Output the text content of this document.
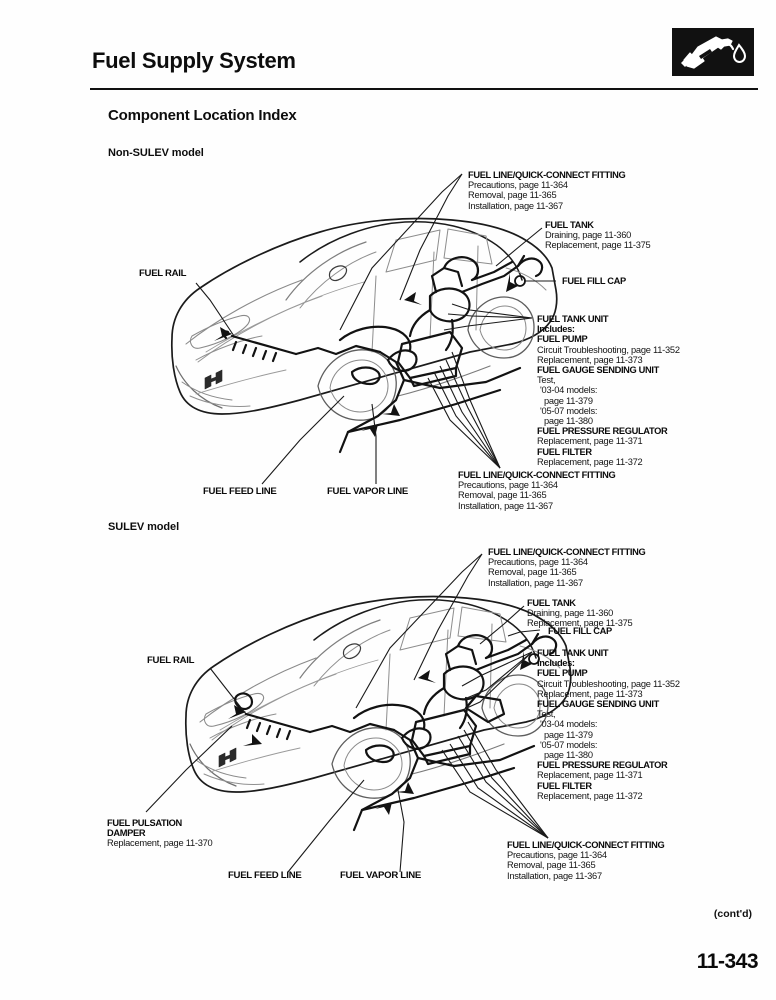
Fuel Supply System
Component Location Index
Non-SULEV model
FUEL LINE/QUICK-CONNECT FITTING
Precautions, page 11-364
Removal, page 11-365
Installation, page 11-367
FUEL TANK
Draining, page 11-360
Replacement, page 11-375
FUEL FILL CAP
FUEL TANK UNIT
Includes:
FUEL PUMP
Circuit Troubleshooting, page 11-352
Replacement, page 11-373
FUEL GAUGE SENDING UNIT
Test,
'03-04 models:
page 11-379
'05-07 models:
page 11-380
FUEL PRESSURE REGULATOR
Replacement, page 11-371
FUEL FILTER
Replacement, page 11-372
FUEL LINE/QUICK-CONNECT FITTING
Precautions, page 11-364
Removal, page 11-365
Installation, page 11-367
FUEL RAIL
FUEL FEED LINE	FUEL VAPOR LINE
SULEV model
FUEL LINE/QUICK-CONNECT FITTING
Precautions, page 11-364
Removal, page 11-365
Installation, page 11-367
FUEL TANK
Draining, page 11-360
Replacement, page 11-375
FUEL FILL CAP
FUEL TANK UNIT
Includes:
FUEL PUMP
Circuit Troubleshooting, page 11-352
Replacement, page 11-373
FUEL GAUGE SENDING UNIT
Test,
'03-04 models:
page 11-379
'05-07 models:
page 11-380
FUEL PRESSURE REGULATOR
Replacement, page 11-371
FUEL FILTER
Replacement, page 11-372
FUEL PULSATION
DAMPER
Replacement, page 11-370	FUEL LINE/QUICK-CONNECT FITTING
Precautions, page 11-364
Removal, page 11-365
Installation, page 11-367
FUEL RAIL
FUEL FEED LINE	FUEL VAPOR LINE
(cont'd)
11-343
